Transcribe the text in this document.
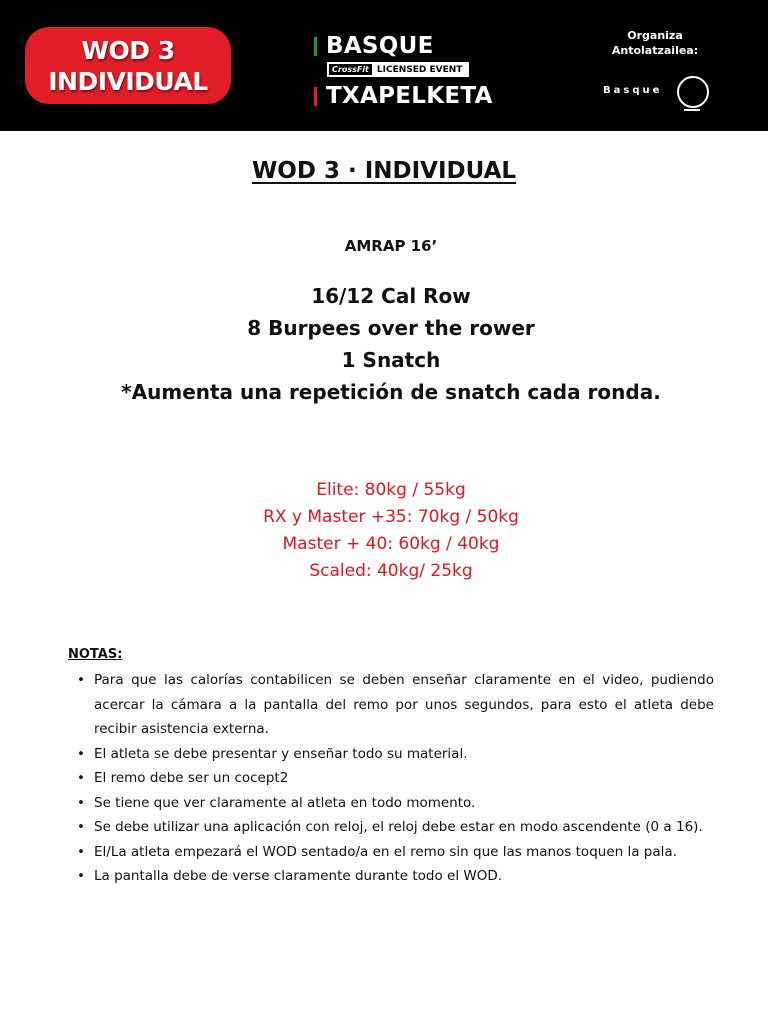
WOD 3
INDIVIDUAL
BASQUE
CrossFit LICENSED EVENT
TXAPELKETA
Organiza
Antolatzailea:
Basque
WOD 3 · INDIVIDUAL
AMRAP 16’
16/12 Cal Row
8 Burpees over the rower
1 Snatch
*Aumenta una repetición de snatch cada ronda.
Elite: 80kg / 55kg
RX y Master +35: 70kg / 50kg
Master + 40: 60kg / 40kg
Scaled: 40kg/ 25kg
NOTAS:
• Para que las calorías contabilicen se deben enseñar claramente en el video, pudiendo acercar la cámara a la pantalla del remo por unos segundos, para esto el atleta debe recibir asistencia externa.
• El atleta se debe presentar y enseñar todo su material.
• El remo debe ser un cocept2
• Se tiene que ver claramente al atleta en todo momento.
• Se debe utilizar una aplicación con reloj, el reloj debe estar en modo ascendente (0 a 16).
• El/La atleta empezará el WOD sentado/a en el remo sin que las manos toquen la pala.
• La pantalla debe de verse claramente durante todo el WOD.
